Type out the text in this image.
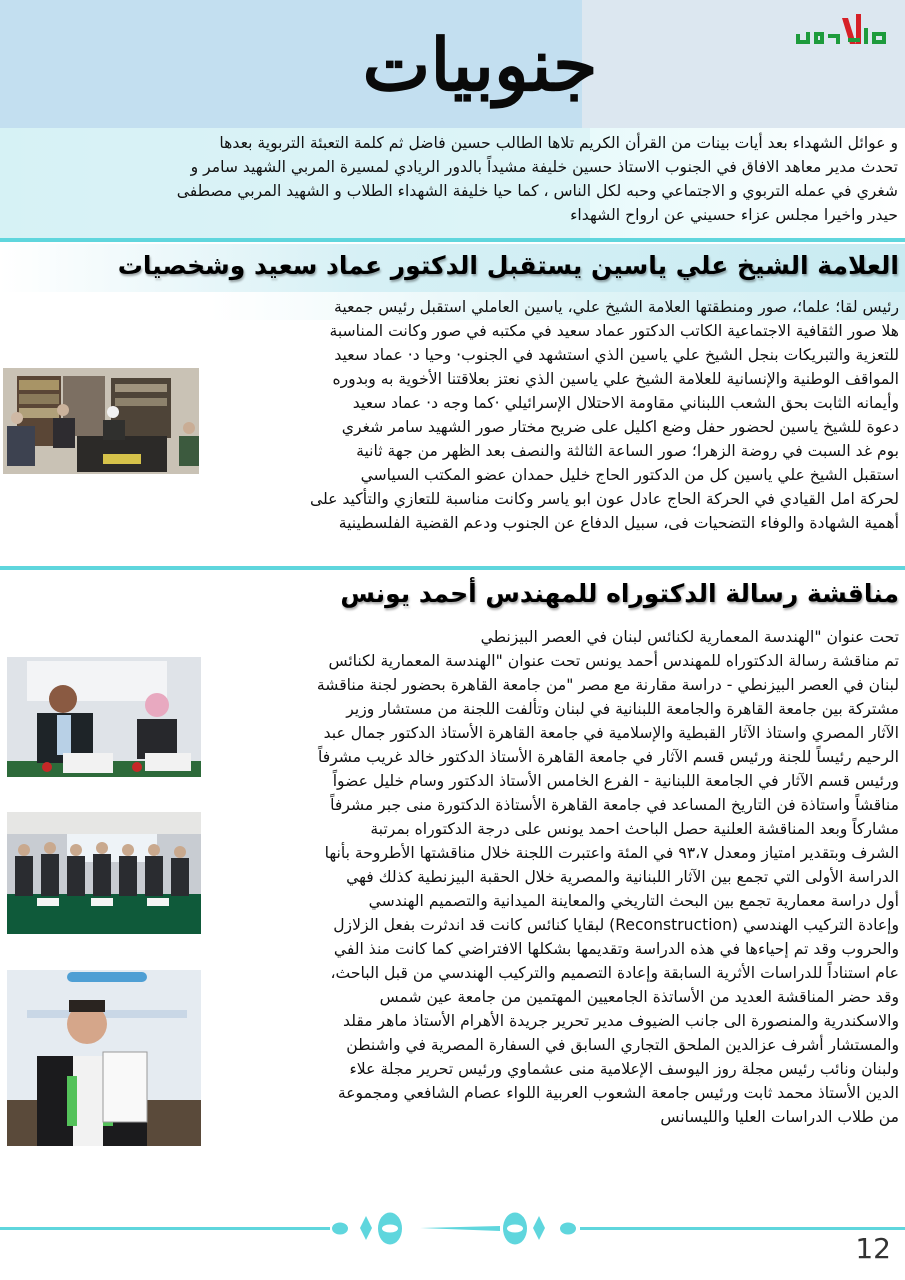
جنوبيات
و عوائل الشهداء بعد أيات بينات من القرأن الكريم تلاها الطالب حسين فاضل ثم كلمة التعبئة التربوية بعدها
تحدث مدير معاهد الافاق في الجنوب الاستاذ حسين خليفة مشيداً بالدور الريادي لمسيرة المربي الشهيد سامر و
شغري في عمله التربوي و الاجتماعي وحبه لكل الناس ، كما حيا خليفة الشهداء الطلاب و الشهيد المربي مصطفى
حيدر واخيرا مجلس عزاء حسيني عن ارواح الشهداء
العلامة الشيخ علي ياسين يستقبل الدكتور عماد سعيد وشخصيات
رئيس لقا؛ علما؛، صور ومنطقتها العلامة الشيخ علي، ياسين العاملي استقبل رئيس جمعية
هلا صور الثقافية الاجتماعية الكاتب الدكتور عماد سعيد في مكتبه في صور وكانت المناسبة
للتعزية والتبريكات بنجل الشيخ علي ياسين الذي استشهد في الجنوب· وحيا د· عماد سعيد
المواقف الوطنية والإنسانية للعلامة الشيخ علي ياسين الذي نعتز بعلاقتنا الأخوية به وبدوره
وأيمانه الثابت بحق الشعب اللبناني مقاومة الاحتلال الإسرائيلي ·كما وجه د· عماد سعيد
دعوة للشيخ ياسين لحضور حفل وضع اكليل على ضريح مختار صور الشهيد سامر شغري
بوم غد السبت في روضة الزهرا؛ صور الساعة الثالثة والنصف بعد الظهر من جهة ثانية
استقبل الشيخ علي ياسين كل من الدكتور الحاج خليل حمدان عضو المكتب السياسي
لحركة امل القيادي في الحركة الحاج عادل عون ابو ياسر وكانت مناسبة للتعازي والتأكيد على
أهمية الشهادة والوفاء التضحيات فى، سبيل الدفاع عن الجنوب ودعم القضية الفلسطينية
مناقشة رسالة الدكتوراه للمهندس أحمد يونس
تحت عنوان "الهندسة المعمارية لكنائس لبنان في العصر البيزنطي
تم مناقشة رسالة الدكتوراه للمهندس أحمد يونس تحت عنوان "الهندسة المعمارية لكنائس
لبنان في العصر البيزنطي - دراسة مقارنة مع مصر "من جامعة القاهرة بحضور لجنة مناقشة
مشتركة بين جامعة القاهرة والجامعة اللبنانية في لبنان وتألفت اللجنة من مستشار وزير
الآثار المصري واستاذ الآثار القبطية والإسلامية في جامعة القاهرة الأستاذ الدكتور جمال عبد
الرحيم رئيساً للجنة ورئيس قسم الآثار في جامعة القاهرة الأستاذ الدكتور خالد غريب مشرفاً
ورئيس قسم الآثار في الجامعة اللبنانية - الفرع الخامس الأستاذ الدكتور وسام خليل عضواً
مناقشاً واستاذة فن التاريخ المساعد في جامعة القاهرة الأستاذة الدكتورة منى جبر مشرفاً
مشاركاً وبعد المناقشة العلنية حصل الباحث احمد يونس على درجة الدكتوراه بمرتبة
الشرف وبتقدير امتياز ومعدل ٩٣،٧ في المئة واعتبرت اللجنة خلال مناقشتها الأطروحة بأنها
الدراسة الأولى التي تجمع بين الآثار اللبنانية والمصرية خلال الحقبة البيزنطية كذلك فهي
أول دراسة معمارية تجمع بين البحث التاريخي والمعاينة الميدانية والتصميم الهندسي
وإعادة التركيب الهندسي (Reconstruction) لبقايا كنائس كانت قد اندثرت بفعل الزلازل
والحروب وقد تم إحياءها في هذه الدراسة وتقديمها بشكلها الافتراضي كما كانت منذ الفي
عام استناداً للدراسات الأثرية السابقة وإعادة التصميم والتركيب الهندسي من قبل الباحث،
وقد حضر المناقشة العديد من الأساتذة الجامعيين المهتمين من جامعة عين شمس
والاسكندرية والمنصورة الى جانب الضيوف مدير تحرير جريدة الأهرام الأستاذ ماهر مقلد
والمستشار أشرف عزالدين الملحق التجاري السابق في السفارة المصرية في واشنطن
ولبنان ونائب رئيس مجلة روز اليوسف الإعلامية منى عشماوي ورئيس تحرير مجلة علاء
الدين الأستاذ محمد ثابت ورئيس جامعة الشعوب العربية اللواء عصام الشافعي ومجموعة
من طلاب الدراسات العليا والليسانس
12
